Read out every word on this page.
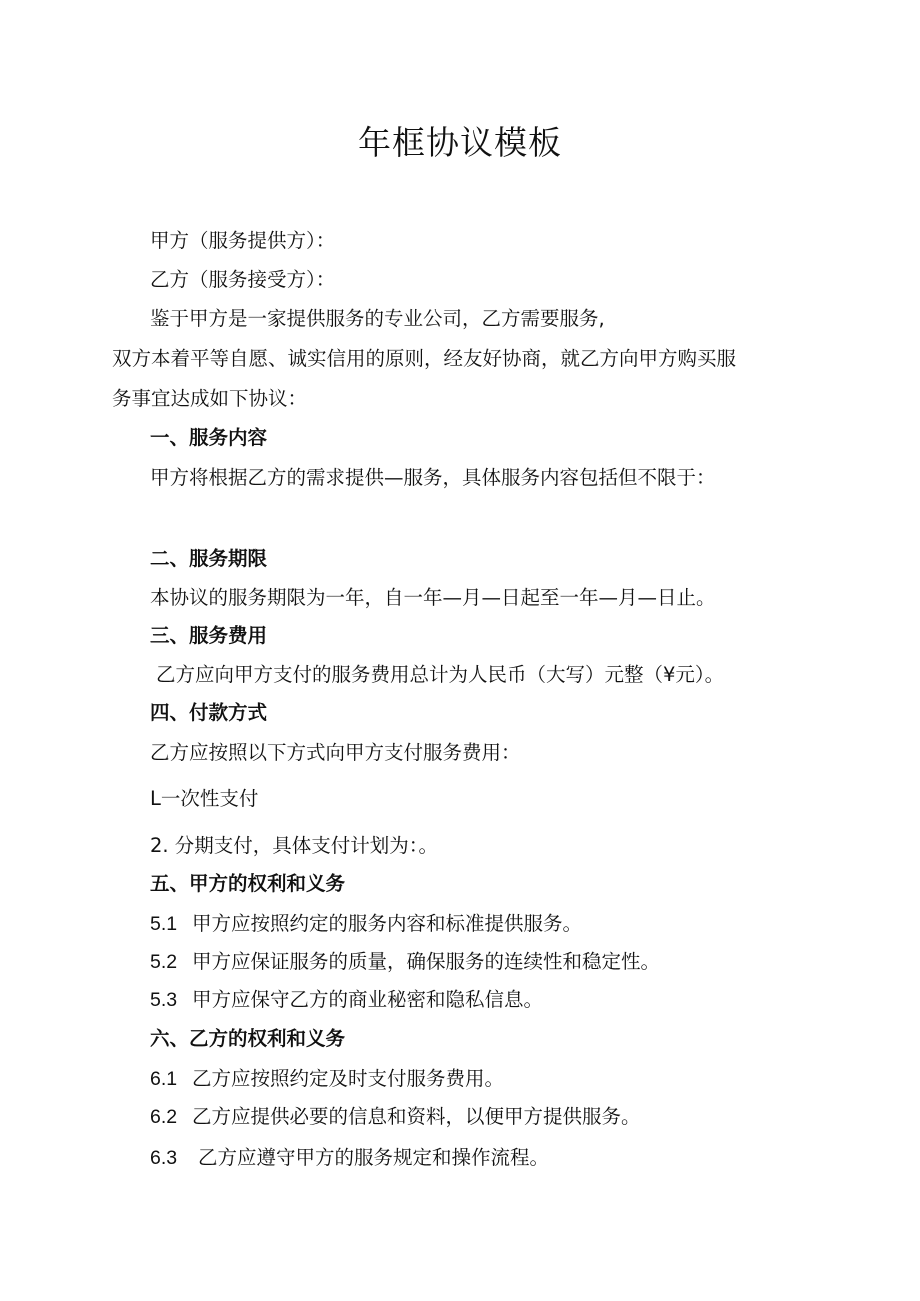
年框协议模板

甲方（服务提供方）：

乙方（服务接受方）：

鉴于甲方是一家提供服务的专业公司，乙方需要服务,

双方本着平等自愿、诚实信用的原则，经友好协商，就乙方向甲方购买服

务事宜达成如下协议：

一、服务内容

甲方将根据乙方的需求提供—服务，具体服务内容包括但不限于：

二、服务期限

本协议的服务期限为一年，自一年—月—日起至一年—月—日止。

三、服务费用

乙方应向甲方支付的服务费用总计为人民币（大写）元整（¥元）。

四、付款方式

乙方应按照以下方式向甲方支付服务费用：

L一次性支付

2. 分期支付，具体支付计划为：。

五、甲方的权利和义务

5.1 甲方应按照约定的服务内容和标准提供服务。

5.2 甲方应保证服务的质量，确保服务的连续性和稳定性。

5.3 甲方应保守乙方的商业秘密和隐私信息。

六、乙方的权利和义务

6.1 乙方应按照约定及时支付服务费用。

6.2 乙方应提供必要的信息和资料，以便甲方提供服务。

6.3 乙方应遵守甲方的服务规定和操作流程。
